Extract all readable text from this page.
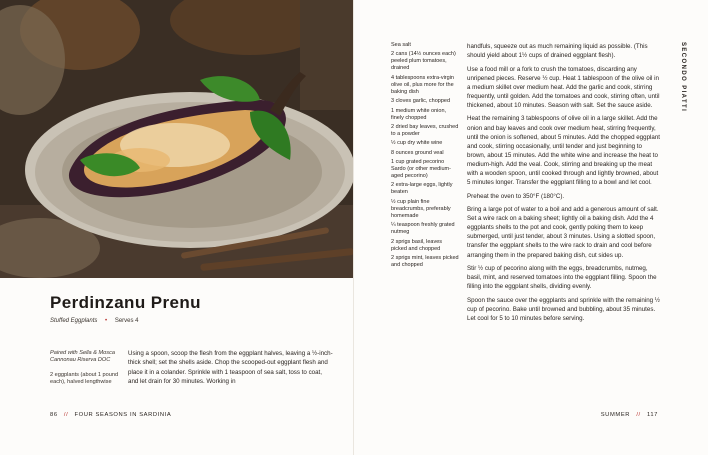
Perdinzanu Prenu
Stuffed Eggplants • Serves 4
Paired with Sella & Mosca Cannonau Riserva DOC
2 eggplants (about 1 pound each), halved lengthwise
Using a spoon, scoop the flesh from the eggplant halves, leaving a ½-inch-thick shell; set the shells aside. Chop the scooped-out eggplant flesh and place it in a colander. Sprinkle with 1 teaspoon of sea salt, toss to coat, and let drain for 30 minutes. Working in
86 // FOUR SEASONS IN SARDINIA
Sea salt
2 cans (14½ ounces each) peeled plum tomatoes, drained
4 tablespoons extra-virgin olive oil, plus more for the baking dish
3 cloves garlic, chopped
1 medium white onion, finely chopped
2 dried bay leaves, crushed to a powder
½ cup dry white wine
8 ounces ground veal
1 cup grated pecorino Sardo (or other medium-aged pecorino)
2 extra-large eggs, lightly beaten
½ cup plain fine breadcrumbs, preferably homemade
¼ teaspoon freshly grated nutmeg
2 sprigs basil, leaves picked and chopped
2 sprigs mint, leaves picked and chopped

handfuls, squeeze out as much remaining liquid as possible. (This should yield about 1½ cups of drained eggplant flesh).

Use a food mill or a fork to crush the tomatoes, discarding any unripened pieces. Reserve ½ cup. Heat 1 tablespoon of the olive oil in a medium skillet over medium heat. Add the garlic and cook, stirring frequently, until golden. Add the tomatoes and cook, stirring often, until thickened, about 10 minutes. Season with salt. Set the sauce aside.

Heat the remaining 3 tablespoons of olive oil in a large skillet. Add the onion and bay leaves and cook over medium heat, stirring frequently, until the onion is softened, about 5 minutes. Add the chopped eggplant and cook, stirring occasionally, until tender and just beginning to brown, about 15 minutes. Add the white wine and increase the heat to medium-high. Add the veal. Cook, stirring and breaking up the meat with a wooden spoon, until cooked through and lightly browned, about 5 minutes longer. Transfer the eggplant filling to a bowl and let cool.

Preheat the oven to 350°F (180°C).

Bring a large pot of water to a boil and add a generous amount of salt. Set a wire rack on a baking sheet; lightly oil a baking dish. Add the 4 eggplants shells to the pot and cook, gently poking them to keep submerged, until just tender, about 3 minutes. Using a slotted spoon, transfer the eggplant shells to the wire rack to drain and cool before arranging them in the prepared baking dish, cut sides up.

Stir ½ cup of pecorino along with the eggs, breadcrumbs, nutmeg, basil, mint, and reserved tomatoes into the eggplant filling. Spoon the filling into the eggplant shells, dividing evenly.

Spoon the sauce over the eggplants and sprinkle with the remaining ½ cup of pecorino. Bake until browned and bubbling, about 35 minutes. Let cool for 5 to 10 minutes before serving.

SECONDO PIATTI
SUMMER // 117
